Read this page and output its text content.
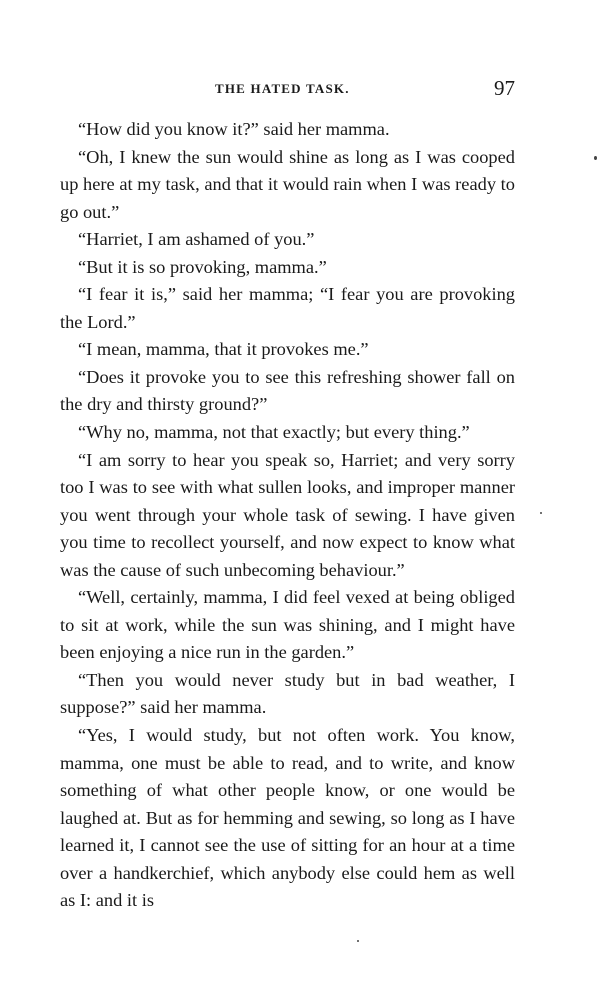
THE HATED TASK.	97

“How did you know it?” said her mamma.

“Oh, I knew the sun would shine as long as I was cooped up here at my task, and that it would rain when I was ready to go out.”

“Harriet, I am ashamed of you.”

“But it is so provoking, mamma.”

“I fear it is,” said her mamma; “I fear you are provoking the Lord.”

“I mean, mamma, that it provokes me.”

“Does it provoke you to see this refreshing shower fall on the dry and thirsty ground?”

“Why no, mamma, not that exactly; but every thing.”

“I am sorry to hear you speak so, Harriet; and very sorry too I was to see with what sullen looks, and improper manner you went through your whole task of sewing. I have given you time to recollect yourself, and now expect to know what was the cause of such unbecoming behaviour.”

“Well, certainly, mamma, I did feel vexed at being obliged to sit at work, while the sun was shining, and I might have been enjoying a nice run in the garden.”

“Then you would never study but in bad weather, I suppose?” said her mamma.

“Yes, I would study, but not often work. You know, mamma, one must be able to read, and to write, and know something of what other people know, or one would be laughed at. But as for hemming and sewing, so long as I have learned it, I cannot see the use of sitting for an hour at a time over a handkerchief, which anybody else could hem as well as I: and it is
